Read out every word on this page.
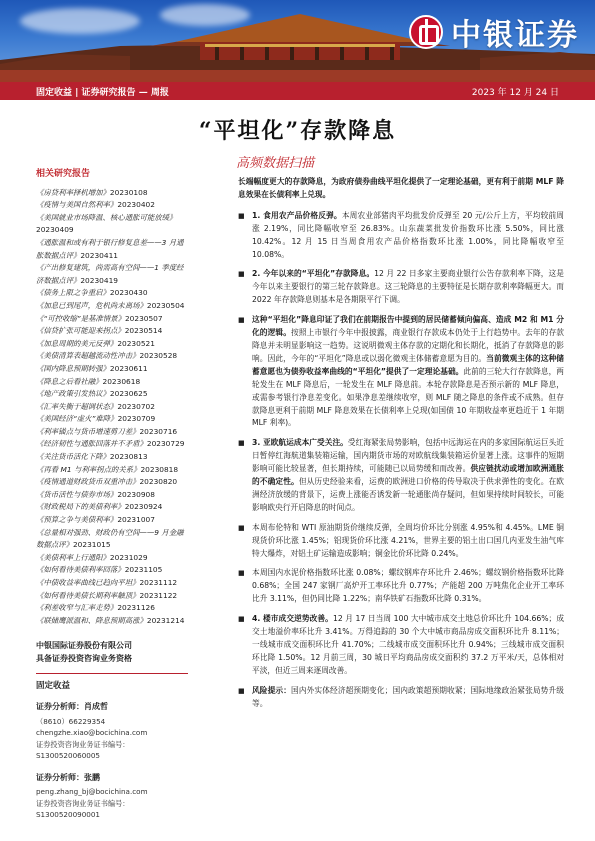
中银证券
固定收益 | 证券研究报告 — 周报	2023 年 12 月 24 日
“平坦化”存款降息
高频数据扫描
相关研究报告
《房贷利率择机增加》20230108
《疫情与美国自然利率》20230402
《美国就业市场降温、核心通胀可能放缓》20230409
《通胀温和或有利于银行修复息差——3 月通胀数据点评》20230411
《产出修复建筑，尚需高有空间——1 季度经济数据点评》20230419
《债务上限之争重启》20230430
《加息已到尾声，危机尚未离场》20230504
《“可控收缩”是基准情景》20230507
《信贷扩张可能迎来拐点》20230514
《加息周期的美元反弹》20230521
《美债清算表超越流动性冲击》20230528
《国内降息预期转强》20230611
《降息之后看社融》20230618
《地产政策引发热议》20230625
《汇率失衡于超调状态》20230702
《美国经济“虚火”难降》20230709
《利率锚点与货币增速剪刀差》20230716
《经济韧性与通胀回落并不矛盾》20230729
《关注货币活化下降》20230813
《再看 M1 与利率拐点的关系》20230818
《疫情通道财政货币双重冲击》20230820
《货币活性与债券市场》20230908
《财政税局下的美债利率》20230924
《预算之争与美债利率》20231007
《总量相对强劲、财政仍有空间——9 月金融数据点评》20231015
《美债利率上行通阳》20231029
《如何看待美债利率回落》20231105
《中债收益率曲线已趋向平坦》20231112
《如何看待美债长期利率触顶》20231122
《利差收窄与汇率走势》20231126
《联储鹰派温和、降息预期高涨》20231214
中银国际证券股份有限公司
具备证券投资咨询业务资格
固定收益
证券分析师：肖成哲
（8610）66229354
chengzhe.xiao@bocichina.com
证券投资咨询业务证书编号：S1300520060005
证券分析师：张鹏
peng.zhang_bj@bocichina.com
证券投资咨询业务证书编号：S1300520090001
长端幅度更大的存款降息，为政府债券曲线平坦化提供了一定理论基础，更有利于前期 MLF 降息效果在长债利率上兑现。
■ 1. 食用农产品价格反弹。本周农业部猪肉平均批发价反弹至 20 元/公斤上方，平均较前周涨 2.19%，同比降幅收窄至 26.83%。山东蔬菜批发价指数环比涨 5.50%，同比涨 10.42%。12 月 15 日当周食用农产品价格指数环比涨 1.00%，同比降幅收窄至 10.08%。
■ 2. 今年以来的“平坦化”存款降息。12 月 22 日多家主要商业银行公告存款利率下降，这是今年以来主要银行的第三轮存款降息。这三轮降息的主要特征是长期存款利率降幅更大。而 2022 年存款降息则基本是各期限平行下调。
■ 这种“平坦化”降息印证了我们在前期报告中提到的居民储蓄倾向偏高、造成 M2 和 M1 分化的逻辑。按照上市银行今年中报披露，商业银行存款成本仍处于上行趋势中。去年的存款降息并未明显影响这一趋势。这说明微观主体存款的定期化和长期化，抵消了存款降息的影响。因此，今年的“平坦化”降息或以弱化微观主体储蓄意愿为目的。当前微观主体的这种储蓄意愿也为债券收益率曲线的“平坦化”提供了一定理论基础。此前的三轮大行存款降息，两轮发生在 MLF 降息后，一轮发生在 MLF 降息前。本轮存款降息是否预示新的 MLF 降息，或需参考银行净息差变化。如果净息差继续收窄，则 MLF 随之降息的条件或不成熟。但存款降息更利于前期 MLF 降息效果在长债利率上兑现(如国债 10 年期收益率更趋近于 1 年期 MLF 利率)。
■ 3. 亚欧航运成本广受关注。受红海紧张局势影响，包括中远海运在内的多家国际航运巨头近日暂停红海航道集装箱运输，国内期货市场的对欧航线集装箱运价显著上涨。这事件的短期影响可能比较显著，但长期持续，可能随已以局势缓和而改善。供应链扰动或增加欧洲通胀的不确定性。但从历史经验来看，运费的欧洲进口价格的传导取决于供求弹性的变化。在欧洲经济放缓的背景下，运费上涨能否诱发新一轮通胀尚存疑问，但如果持续时间较长，可能影响欧央行开启降息的时间点。
■ 本周布伦特和 WTI 原油期货价继续反弹，全周均价环比分别涨 4.95%和 4.45%。LME 铜现货价环比涨 1.45%；铝现货价环比涨 4.21%，世界主要的铝土出口国几内亚发生油气库特大爆炸，对铝土矿运输造成影响；铜金比价环比降 0.24%。
■ 本周国内水泥价格指数环比涨 0.08%；螺纹钢库存环比升 2.46%；螺纹钢价格指数环比降 0.68%；全国 247 家钢厂高炉开工率环比升 0.77%；产能超 200 万吨焦化企业开工率环比升 3.11%，但仍同比降 1.22%；南华铁矿石指数环比降 0.31%。
■ 4. 楼市成交逆势改善。12 月 17 日当周 100 大中城市成交土地总价环比升 104.66%；成交土地溢价率环比升 3.41%。万得追踪的 30 个大中城市商品房成交面积环比升 8.11%；一线城市成交面积环比升 41.70%；二线城市成交面积环比升 0.94%；三线城市成交面积环比降 1.50%。12 月前三周，30 城日平均商品房成交面积约 37.2 万平米/天，总体相对平淡，但近三周来逐周改善。
■ 风险提示：国内外实体经济超预期变化；国内政策超预期收紧；国际地缘政治紧张局势升级等。
